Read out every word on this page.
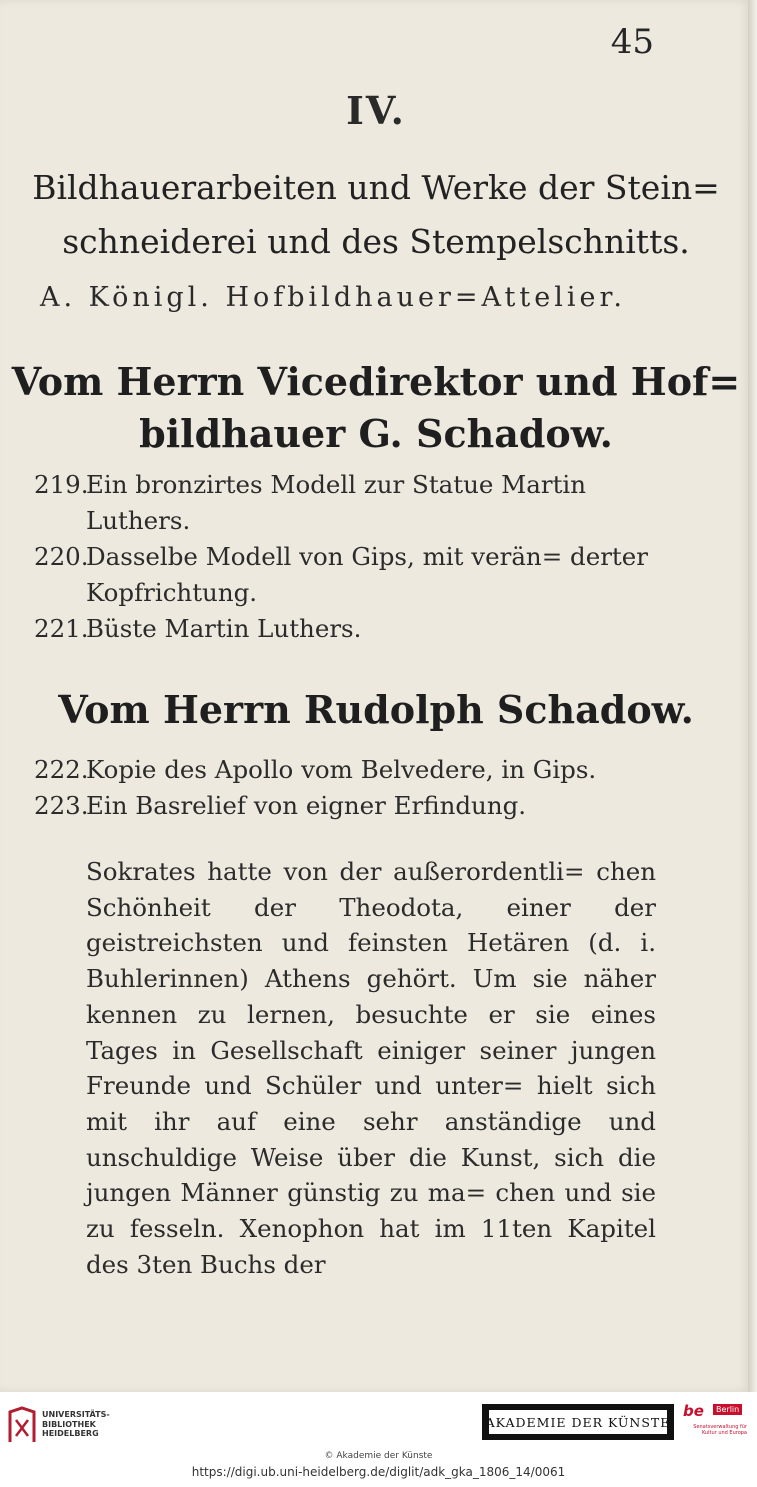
45
IV.
Bildhauerarbeiten und Werke der Stein=
schneiderei und des Stempelschnitts.
A. Königl. Hofbildhauer=Attelier.
Vom Herrn Vicedirektor und Hof=
bildhauer G. Schadow.
219.Ein bronzirtes Modell zur Statue Martin Luthers.
220.Dasselbe Modell von Gips, mit verän= derter Kopfrichtung.
221.Büste Martin Luthers.
Vom Herrn Rudolph Schadow.
222.Kopie des Apollo vom Belvedere, in Gips.
223.Ein Basrelief von eigner Erfindung.
Sokrates hatte von der außerordentli= chen Schönheit der Theodota, einer der geistreichsten und feinsten Hetären (d. i. Buhlerinnen) Athens gehört. Um sie näher kennen zu lernen, besuchte er sie eines Tages in Gesellschaft einiger seiner jungen Freunde und Schüler und unter= hielt sich mit ihr auf eine sehr anständige und unschuldige Weise über die Kunst, sich die jungen Männer günstig zu ma= chen und sie zu fesseln. Xenophon hat im 11ten Kapitel des 3ten Buchs der
UNIVERSITÄTS-
BIBLIOTHEK
HEIDELBERG
AKADEMIE DER KÜNSTE
be	Berlin
Senatsverwaltung für Kultur und Europa
© Akademie der Künste
https://digi.ub.uni-heidelberg.de/diglit/adk_gka_1806_14/0061
